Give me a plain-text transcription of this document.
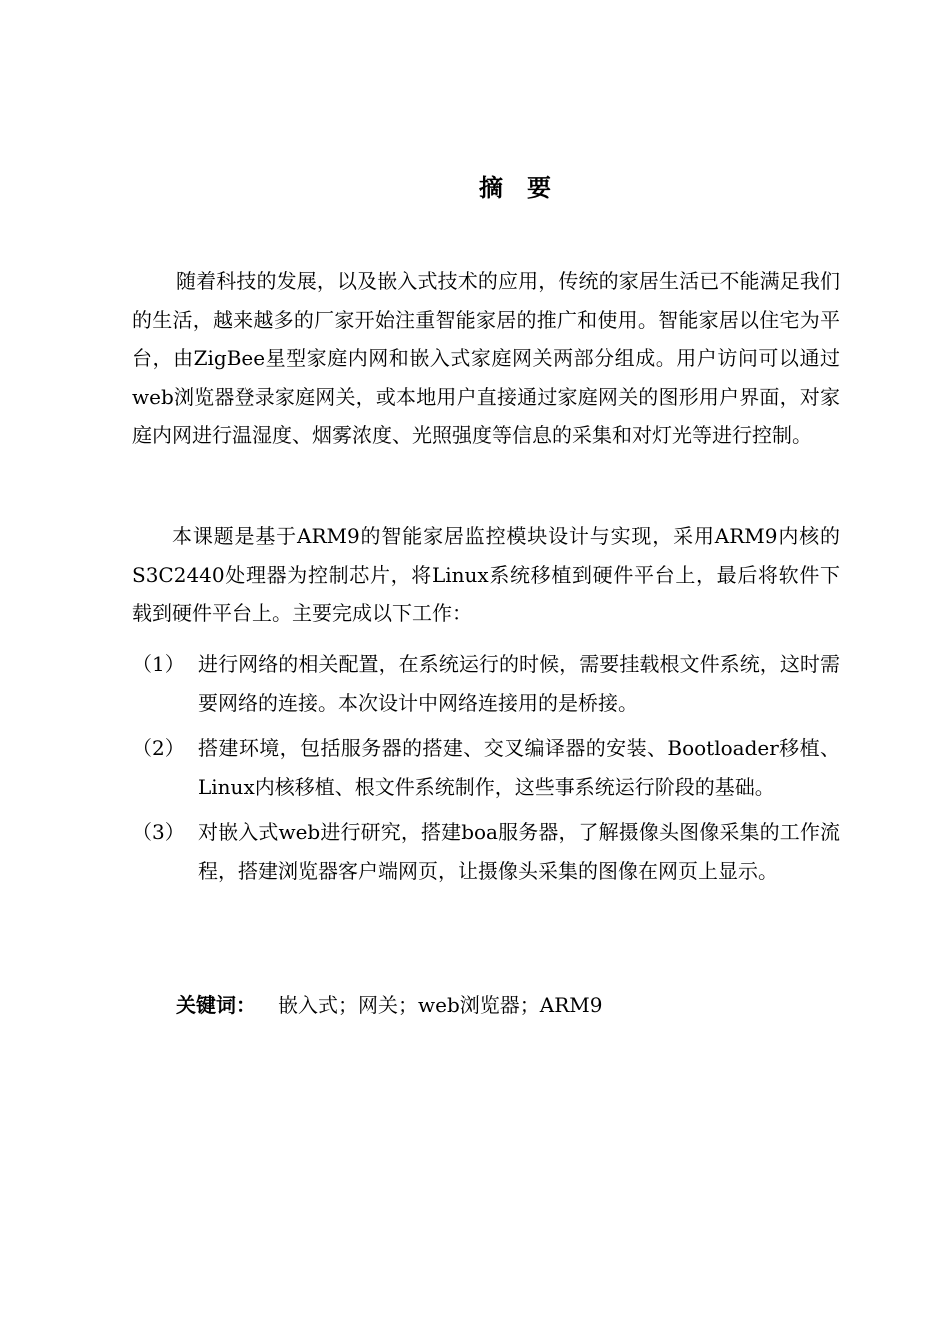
摘 要
随着科技的发展，以及嵌入式技术的应用，传统的家居生活已不能满足我们的生活，越来越多的厂家开始注重智能家居的推广和使用。智能家居以住宅为平台，由ZigBee星型家庭内网和嵌入式家庭网关两部分组成。用户访问可以通过web浏览器登录家庭网关，或本地用户直接通过家庭网关的图形用户界面，对家庭内网进行温湿度、烟雾浓度、光照强度等信息的采集和对灯光等进行控制。
本课题是基于ARM9的智能家居监控模块设计与实现，采用ARM9内核的S3C2440处理器为控制芯片，将Linux系统移植到硬件平台上，最后将软件下载到硬件平台上。主要完成以下工作：
（1） 进行网络的相关配置，在系统运行的时候，需要挂载根文件系统，这时需要网络的连接。本次设计中网络连接用的是桥接。
（2） 搭建环境，包括服务器的搭建、交叉编译器的安装、Bootloader移植、Linux内核移植、根文件系统制作，这些事系统运行阶段的基础。
（3） 对嵌入式web进行研究，搭建boa服务器，了解摄像头图像采集的工作流程，搭建浏览器客户端网页，让摄像头采集的图像在网页上显示。
关键词： 嵌入式；网关；web浏览器；ARM9
